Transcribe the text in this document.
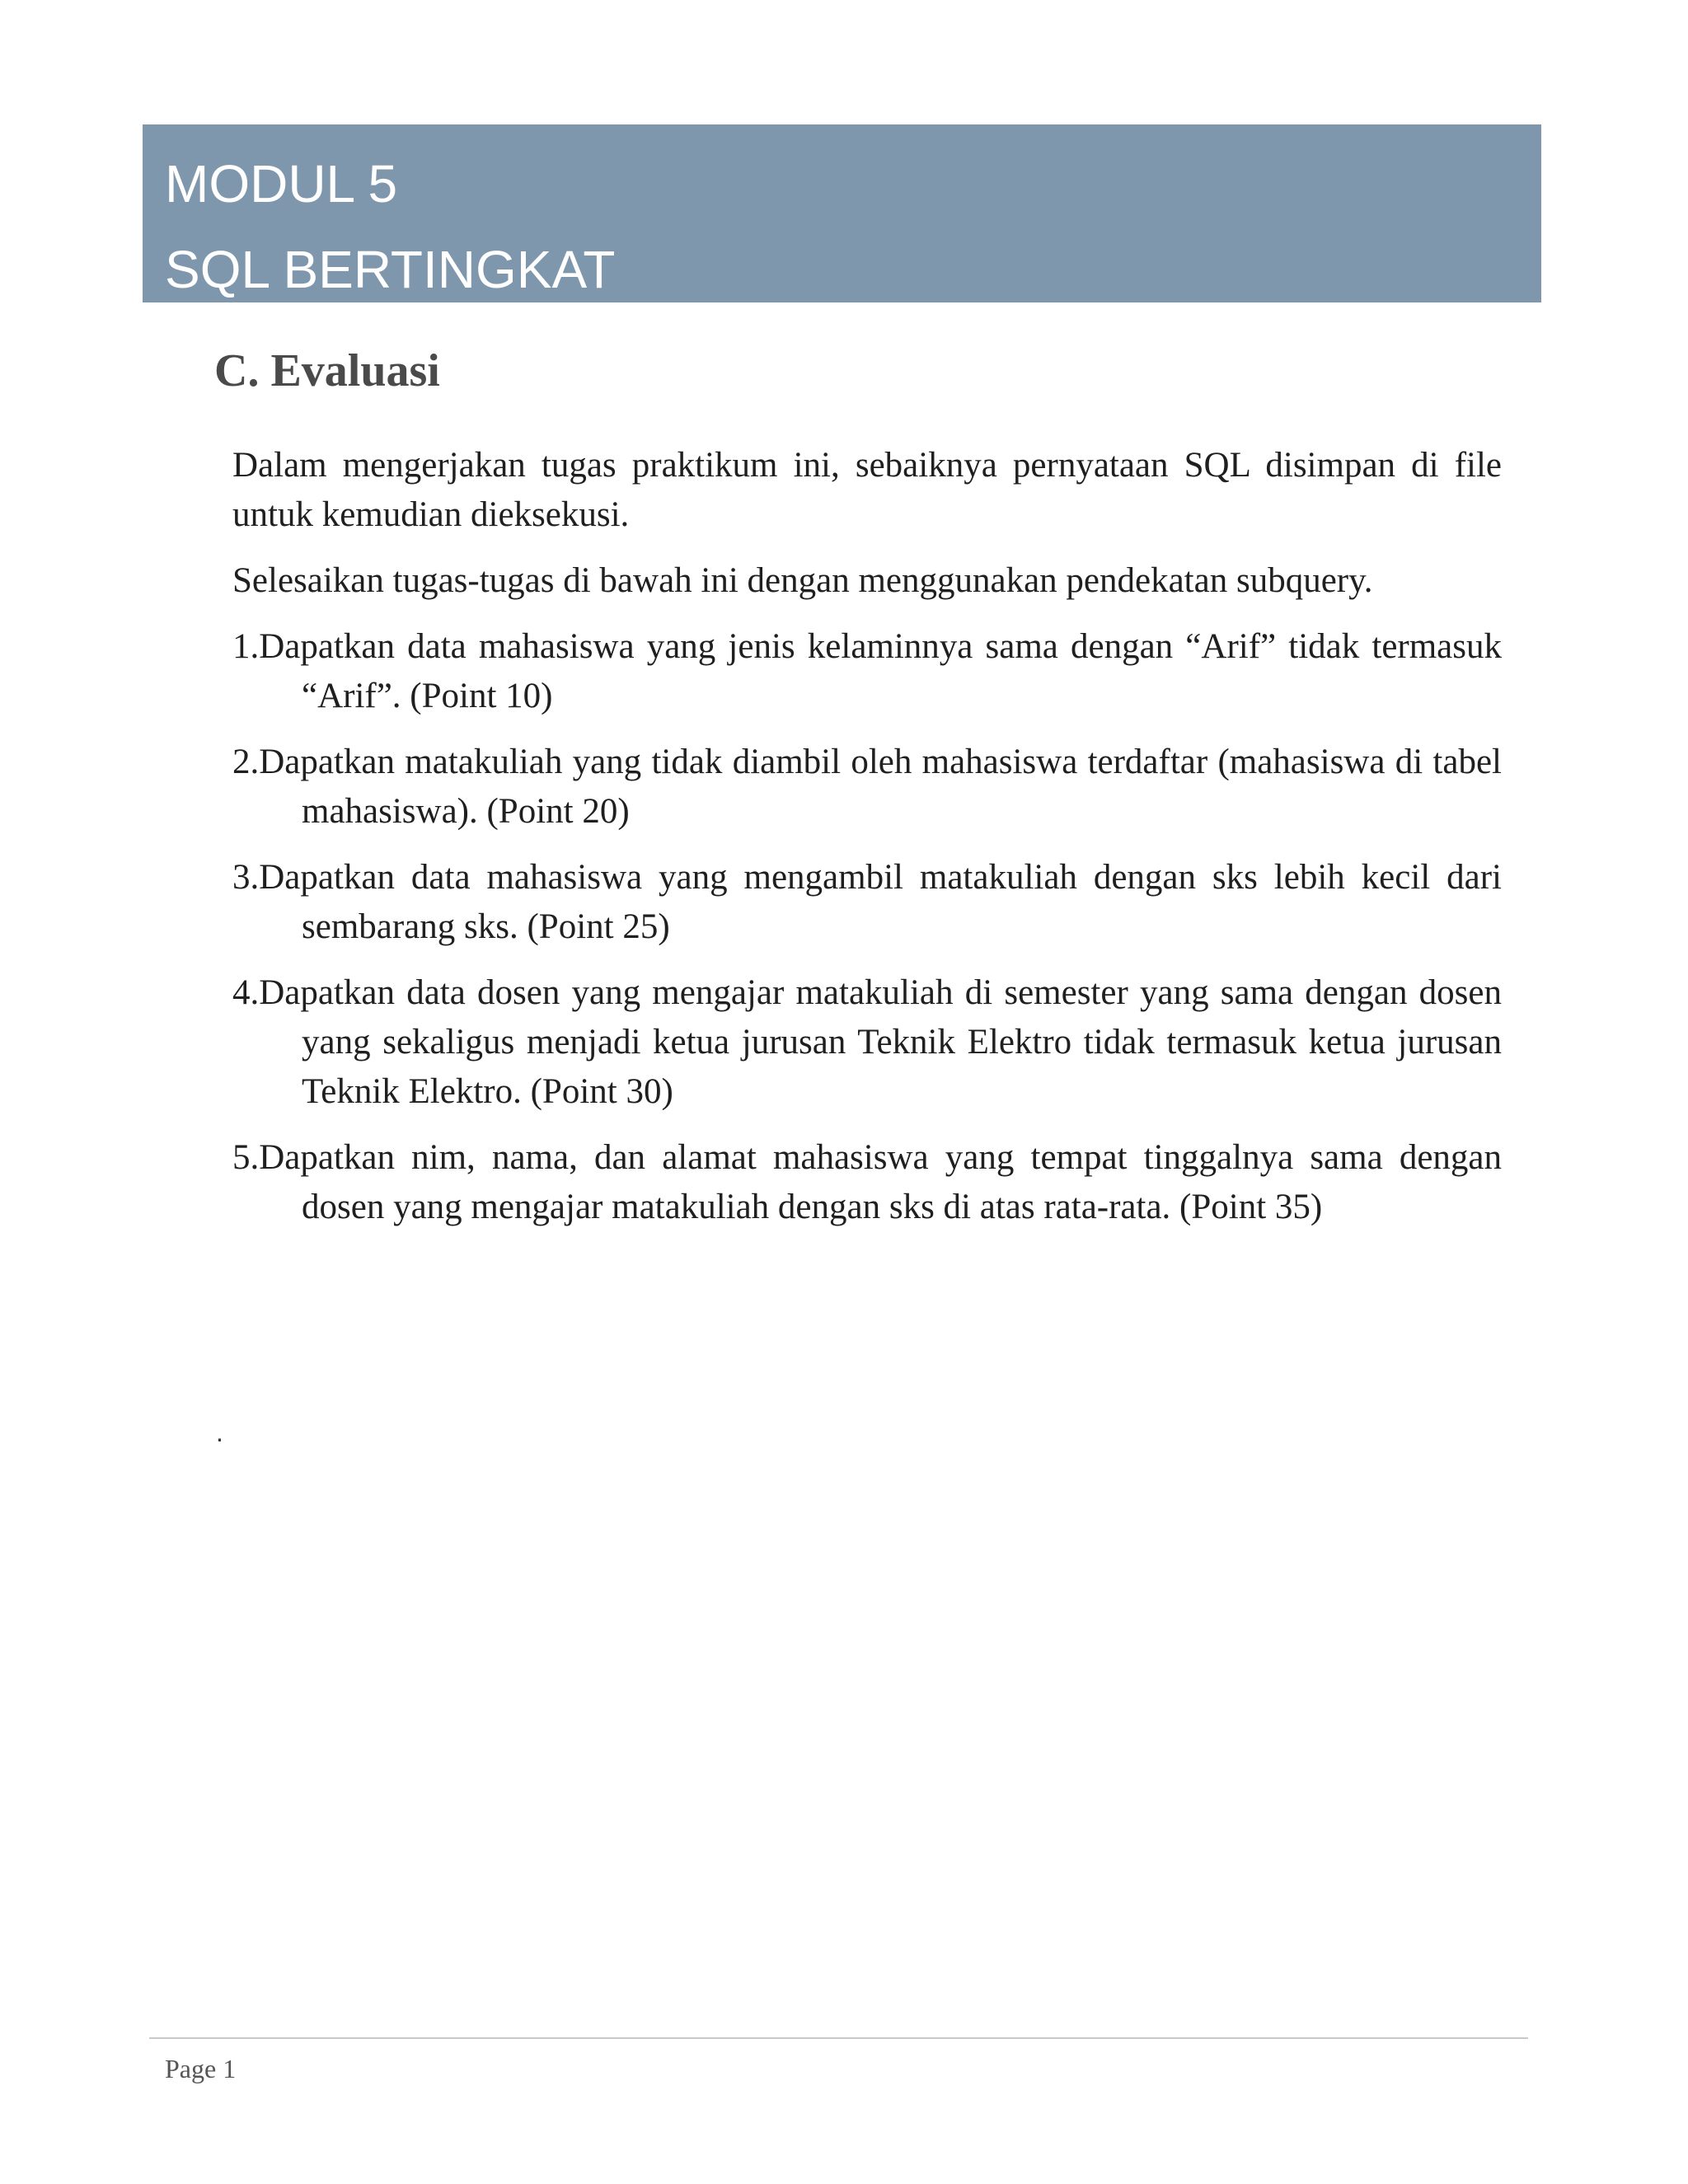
MODUL 5
SQL BERTINGKAT
C. Evaluasi

Dalam mengerjakan tugas praktikum ini, sebaiknya pernyataan SQL disimpan di file untuk kemudian dieksekusi.

Selesaikan tugas-tugas di bawah ini dengan menggunakan pendekatan subquery.

1.Dapatkan data mahasiswa yang jenis kelaminnya sama dengan “Arif” tidak termasuk “Arif”. (Point 10)
2.Dapatkan matakuliah yang tidak diambil oleh mahasiswa terdaftar (mahasiswa di tabel mahasiswa). (Point 20)
3.Dapatkan data mahasiswa yang mengambil matakuliah dengan sks lebih kecil dari sembarang sks. (Point 25)
4.Dapatkan data dosen yang mengajar matakuliah di semester yang sama dengan dosen yang sekaligus menjadi ketua jurusan Teknik Elektro tidak termasuk ketua jurusan Teknik Elektro. (Point 30)
5.Dapatkan nim, nama, dan alamat mahasiswa yang tempat tinggalnya sama dengan dosen yang mengajar matakuliah dengan sks di atas rata-rata. (Point 35)
.
Page 1
